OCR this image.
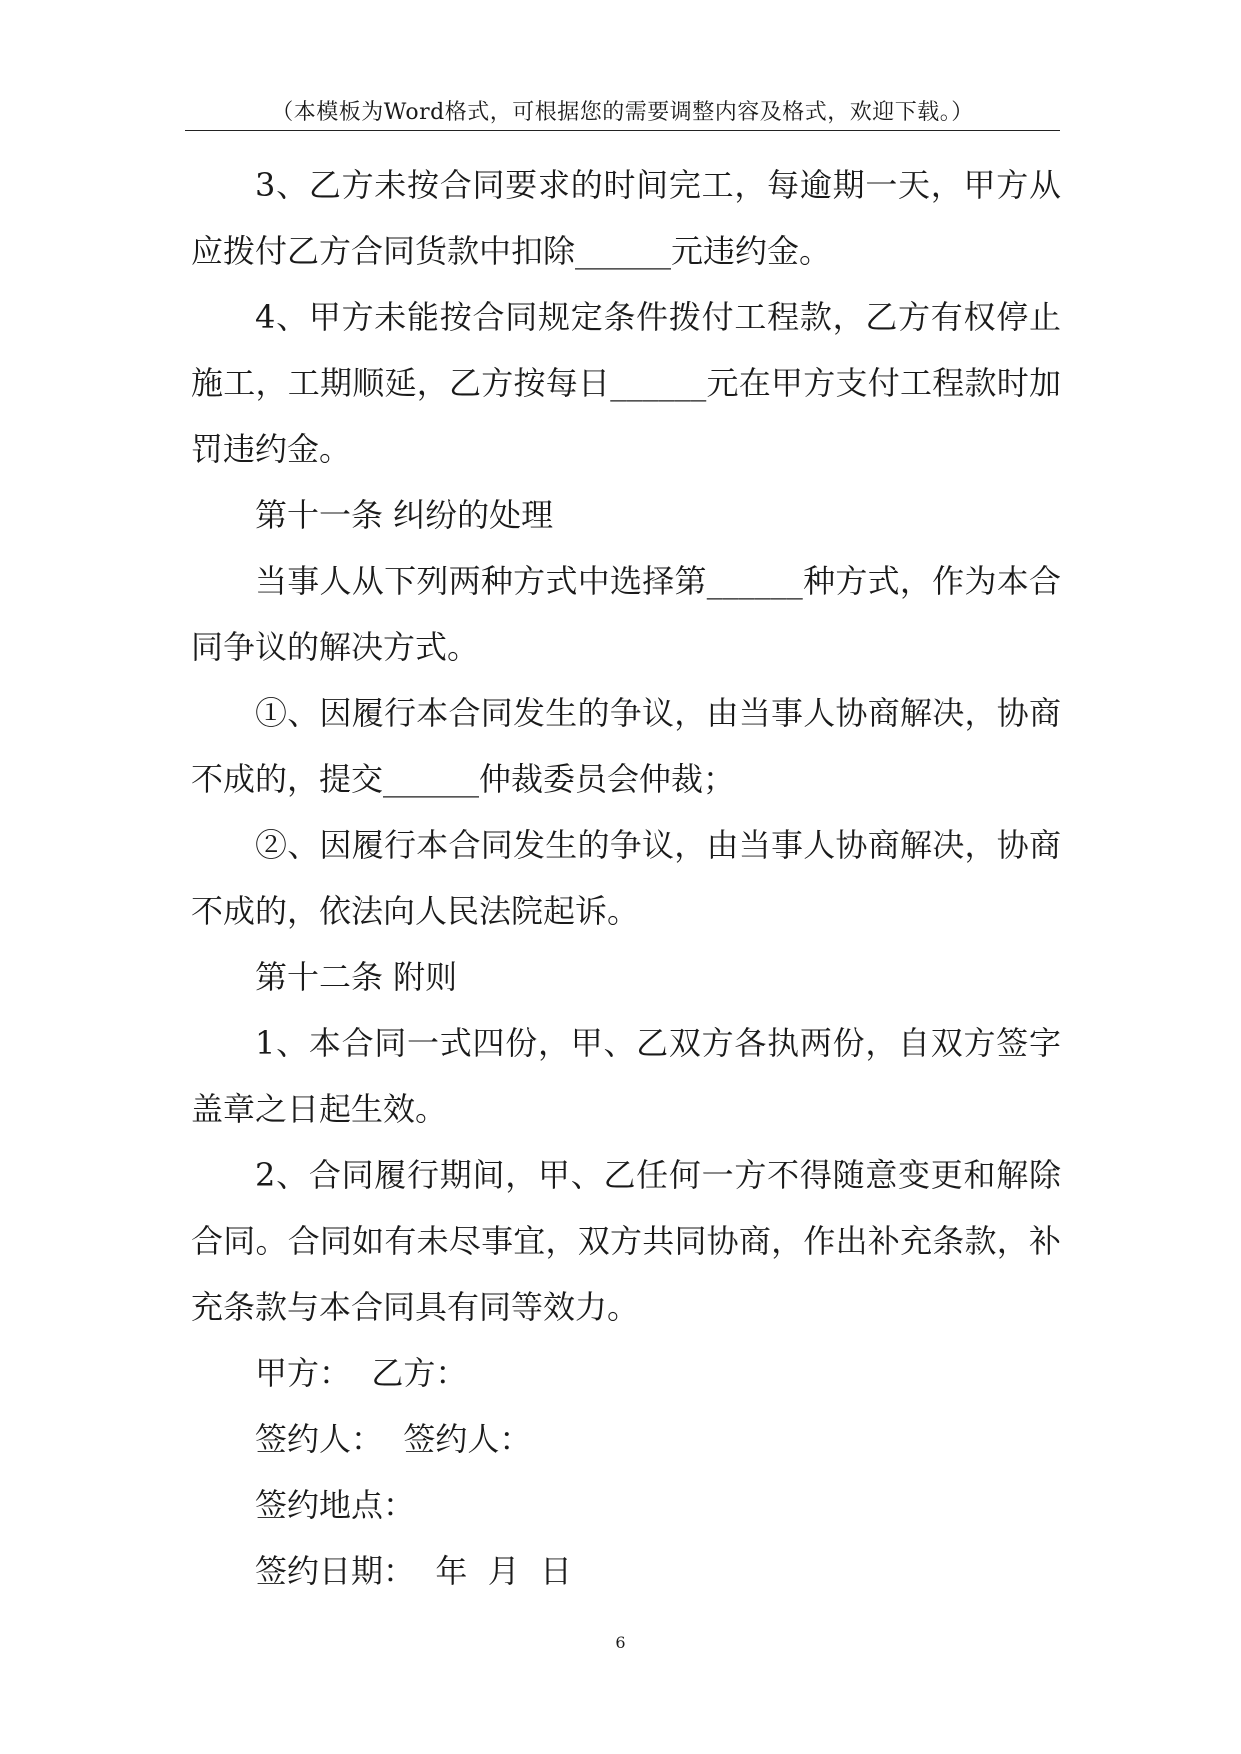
（本模板为Word格式，可根据您的需要调整内容及格式，欢迎下载。）

3、乙方未按合同要求的时间完工，每逾期一天，甲方从应拨付乙方合同货款中扣除______元违约金。

4、甲方未能按合同规定条件拨付工程款，乙方有权停止施工，工期顺延，乙方按每日______元在甲方支付工程款时加罚违约金。

第十一条 纠纷的处理

当事人从下列两种方式中选择第______种方式，作为本合同争议的解决方式。

①、因履行本合同发生的争议，由当事人协商解决，协商不成的，提交______仲裁委员会仲裁；

②、因履行本合同发生的争议，由当事人协商解决，协商不成的，依法向人民法院起诉。

第十二条 附则

1、本合同一式四份，甲、乙双方各执两份，自双方签字盖章之日起生效。

2、合同履行期间，甲、乙任何一方不得随意变更和解除合同。合同如有未尽事宜，双方共同协商，作出补充条款，补充条款与本合同具有同等效力。

甲方：  乙方：

签约人：  签约人：

签约地点：

签约日期：  年  月  日

6
